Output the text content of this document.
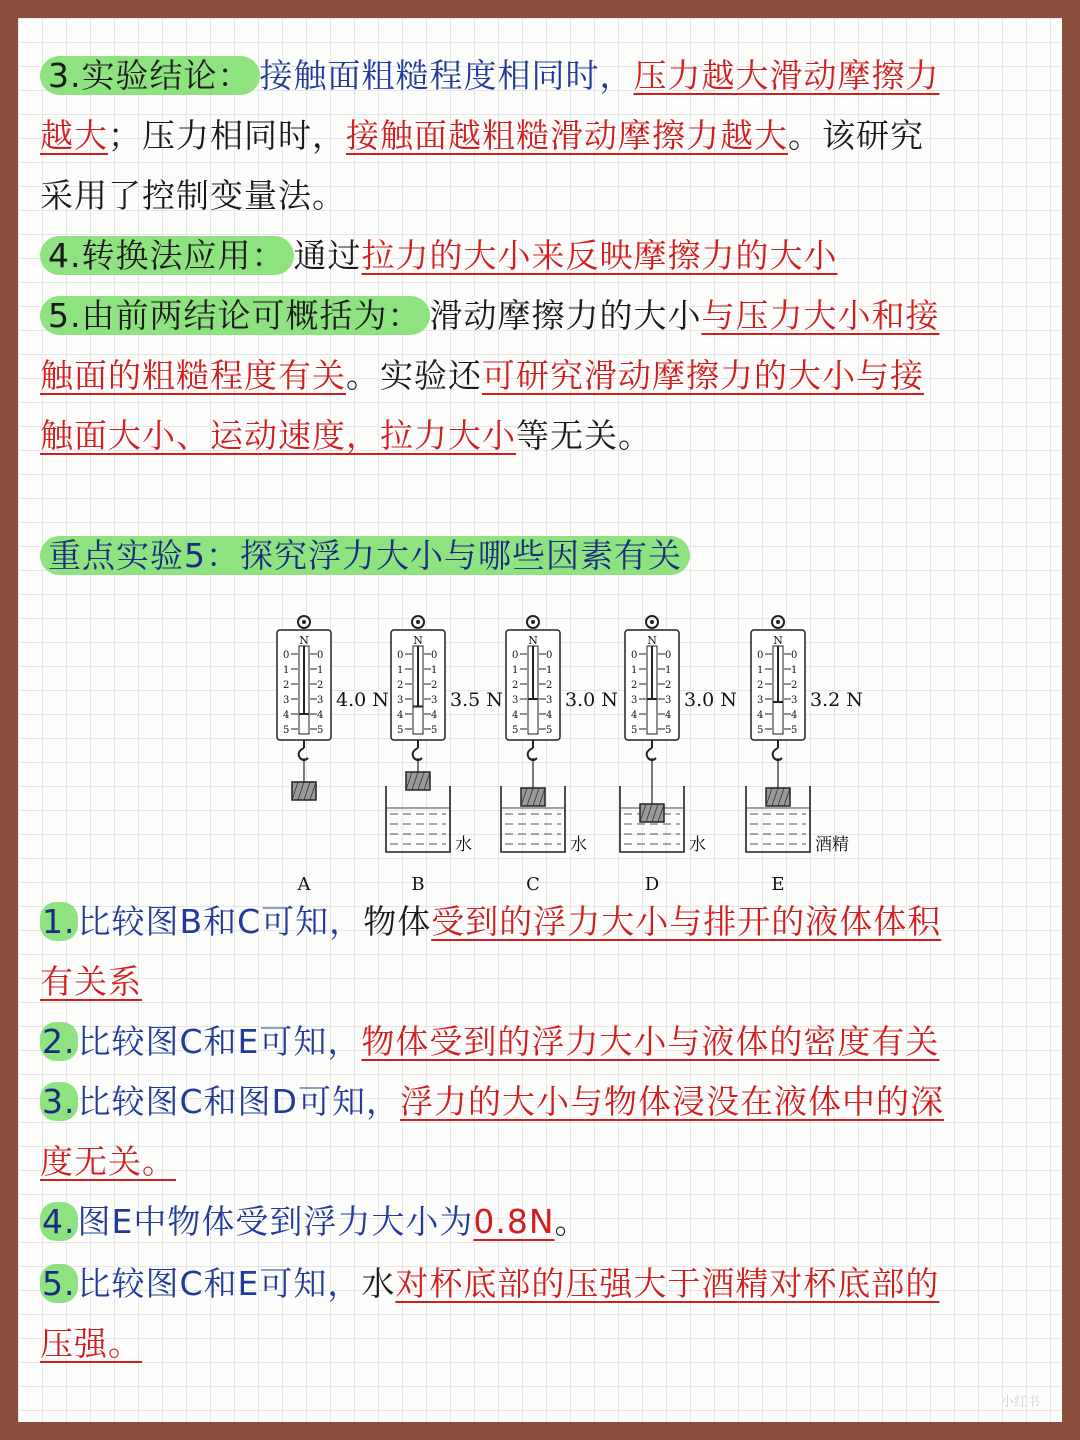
3.实验结论： 接触面粗糙程度相同时，压力越大滑动摩擦力
越大；压力相同时，接触面越粗糙滑动摩擦力越大。该研究
采用了控制变量法。
4.转换法应用： 通过拉力的大小来反映摩擦力的大小
5.由前两结论可概括为： 滑动摩擦力的大小与压力大小和接
触面的粗糙程度有关。实验还可研究滑动摩擦力的大小与接
触面大小、运动速度，拉力大小等无关。
重点实验5：探究浮力大小与哪些因素有关
N
0	0
1	1
2	2
3	3
4	4
5	5
4.0 N
A
N
0	0
1	1
2	2
3	3
4	4
5	5
3.5 N
水
B
N
0	0
1	1
2	2
3	3
4	4
5	5
3.0 N
水
C
N
0	0
1	1
2	2
3	3
4	4
5	5
3.0 N
水
D
N
0	0
1	1
2	2
3	3
4	4
5	5
3.2 N
酒精
E
1.比较图B和C可知，物体受到的浮力大小与排开的液体体积
有关系
2.比较图C和E可知，物体受到的浮力大小与液体的密度有关
3.比较图C和图D可知，浮力的大小与物体浸没在液体中的深
度无关。
4.图E中物体受到浮力大小为0.8N。
5.比较图C和E可知，水对杯底部的压强大于酒精对杯底部的
压强。
小红书
